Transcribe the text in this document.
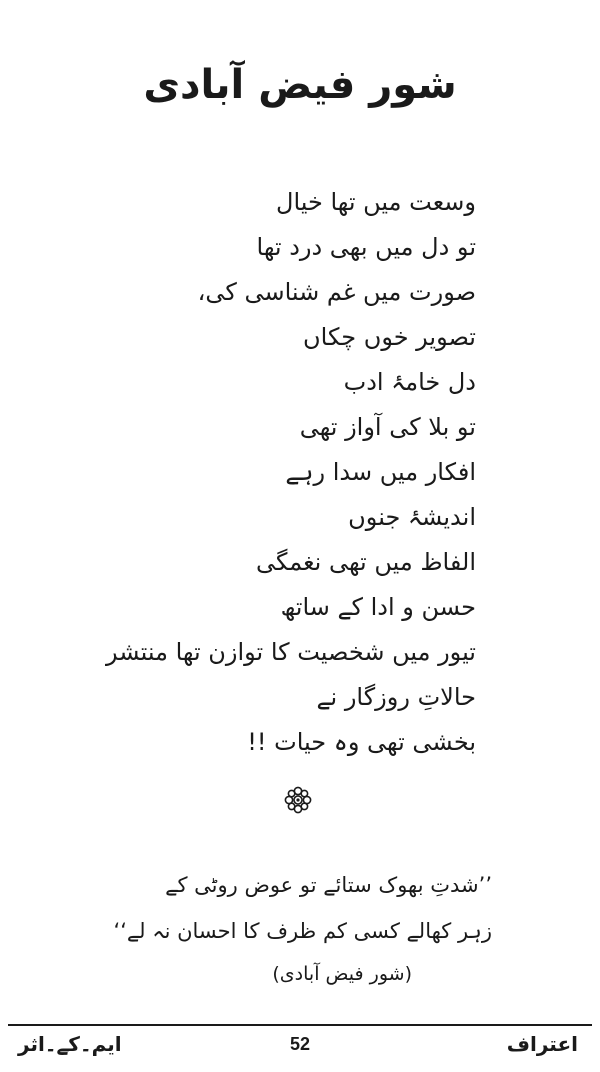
شور فیض آبادی
وسعت میں تھا خیال
تو دل میں بھی درد تھا
صورت میں غم شناسی کی،
تصویر خوں چکاں
دل خامۂ ادب
تو بلا کی آواز تھی
افکار میں سدا رہے
اندیشۂ جنوں
الفاظ میں تھی نغمگی
حسن و ادا کے ساتھ
تیور میں شخصیت کا توازن تھا منتشر
حالاتِ روزگار نے
بخشی تھی وہ حیات !!
’’شدتِ بھوک ستائے تو عوض روٹی کے
زہر کھالے کسی کم ظرف کا احسان نہ لے‘‘
(شور فیض آبادی)
ایم۔کے۔اثر	52	اعتراف
